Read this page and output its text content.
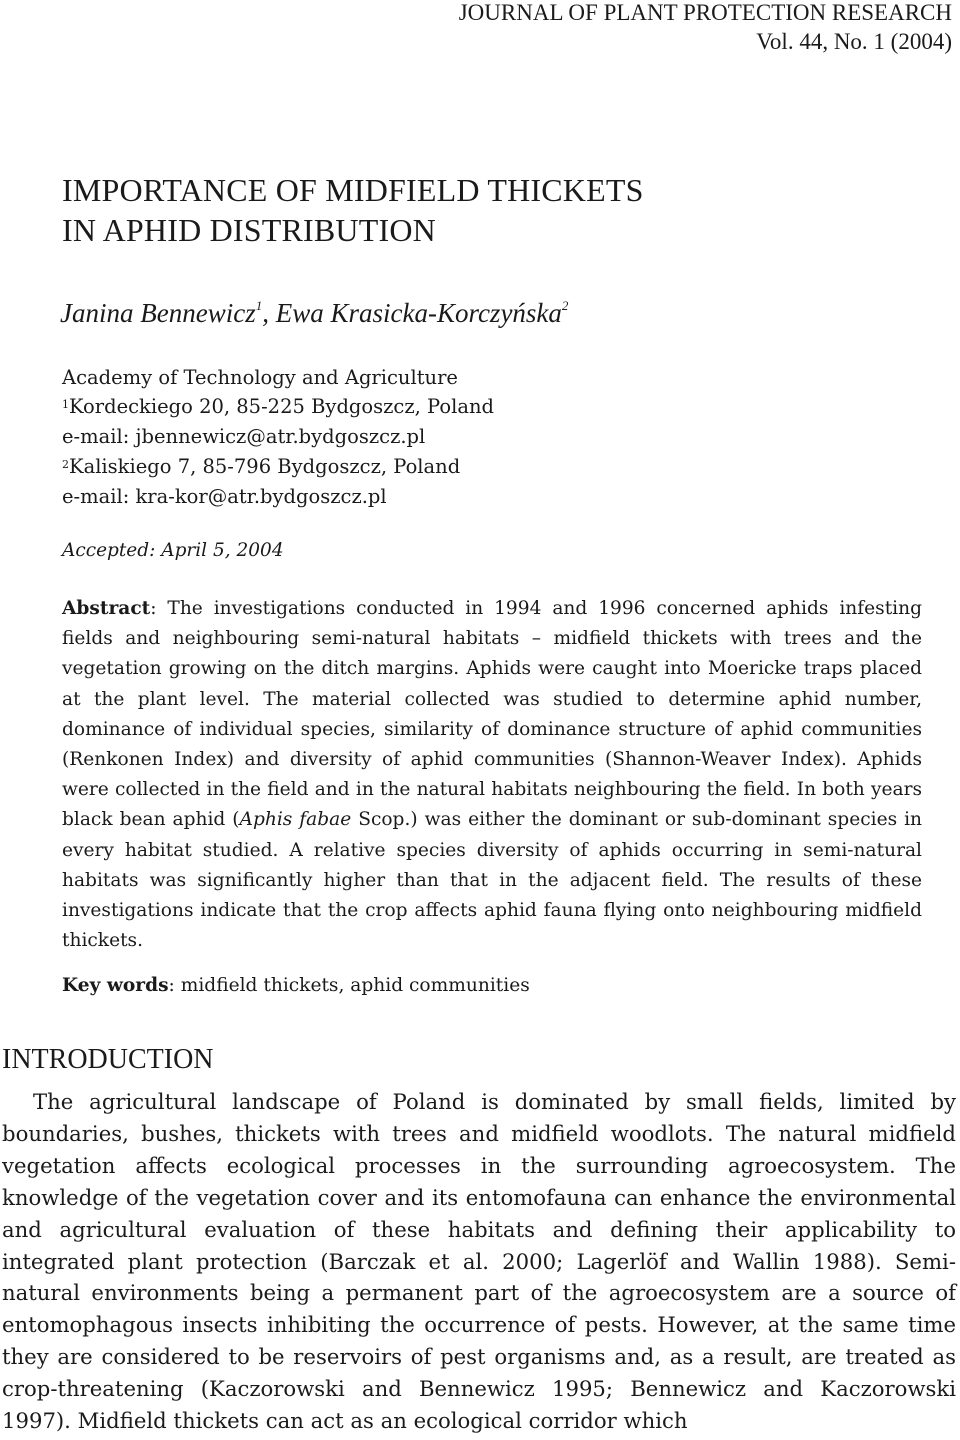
JOURNAL OF PLANT PROTECTION RESEARCH
Vol. 44, No. 1 (2004)
IMPORTANCE OF MIDFIELD THICKETS
IN APHID DISTRIBUTION
Janina Bennewicz$^1$, Ewa Krasicka-Korczyńska$^2$
Academy of Technology and Agriculture
$^1$Kordeckiego 20, 85-225 Bydgoszcz, Poland
e-mail: jbennewicz@atr.bydgoszcz.pl
$^2$Kaliskiego 7, 85-796 Bydgoszcz, Poland
e-mail: kra-kor@atr.bydgoszcz.pl
Accepted: April 5, 2004
Abstract: The investigations conducted in 1994 and 1996 concerned aphids infesting fields and neighbouring semi-natural habitats – midfield thickets with trees and the vegetation growing on the ditch margins. Aphids were caught into Moericke traps placed at the plant level. The material collected was studied to determine aphid number, dominance of individual species, similarity of dominance structure of aphid communities (Renkonen Index) and diversity of aphid communities (Shannon-Weaver Index). Aphids were collected in the field and in the natural habitats neighbouring the field. In both years black bean aphid (Aphis fabae Scop.) was either the dominant or sub-dominant species in every habitat studied. A relative species diversity of aphids occurring in semi-natural habitats was significantly higher than that in the adjacent field. The results of these investigations indicate that the crop affects aphid fauna flying onto neighbouring midfield thickets.
Key words: midfield thickets, aphid communities
INTRODUCTION
The agricultural landscape of Poland is dominated by small fields, limited by boundaries, bushes, thickets with trees and midfield woodlots. The natural midfield vegetation affects ecological processes in the surrounding agroecosystem. The knowledge of the vegetation cover and its entomofauna can enhance the environmental and agricultural evaluation of these habitats and defining their applicability to integrated plant protection (Barczak et al. 2000; Lagerlöf and Wallin 1988). Semi-natural environments being a permanent part of the agroecosystem are a source of entomophagous insects inhibiting the occurrence of pests. However, at the same time they are considered to be reservoirs of pest organisms and, as a result, are treated as crop-threatening (Kaczorowski and Bennewicz 1995; Bennewicz and Kaczorowski 1997). Midfield thickets can act as an ecological corridor which
